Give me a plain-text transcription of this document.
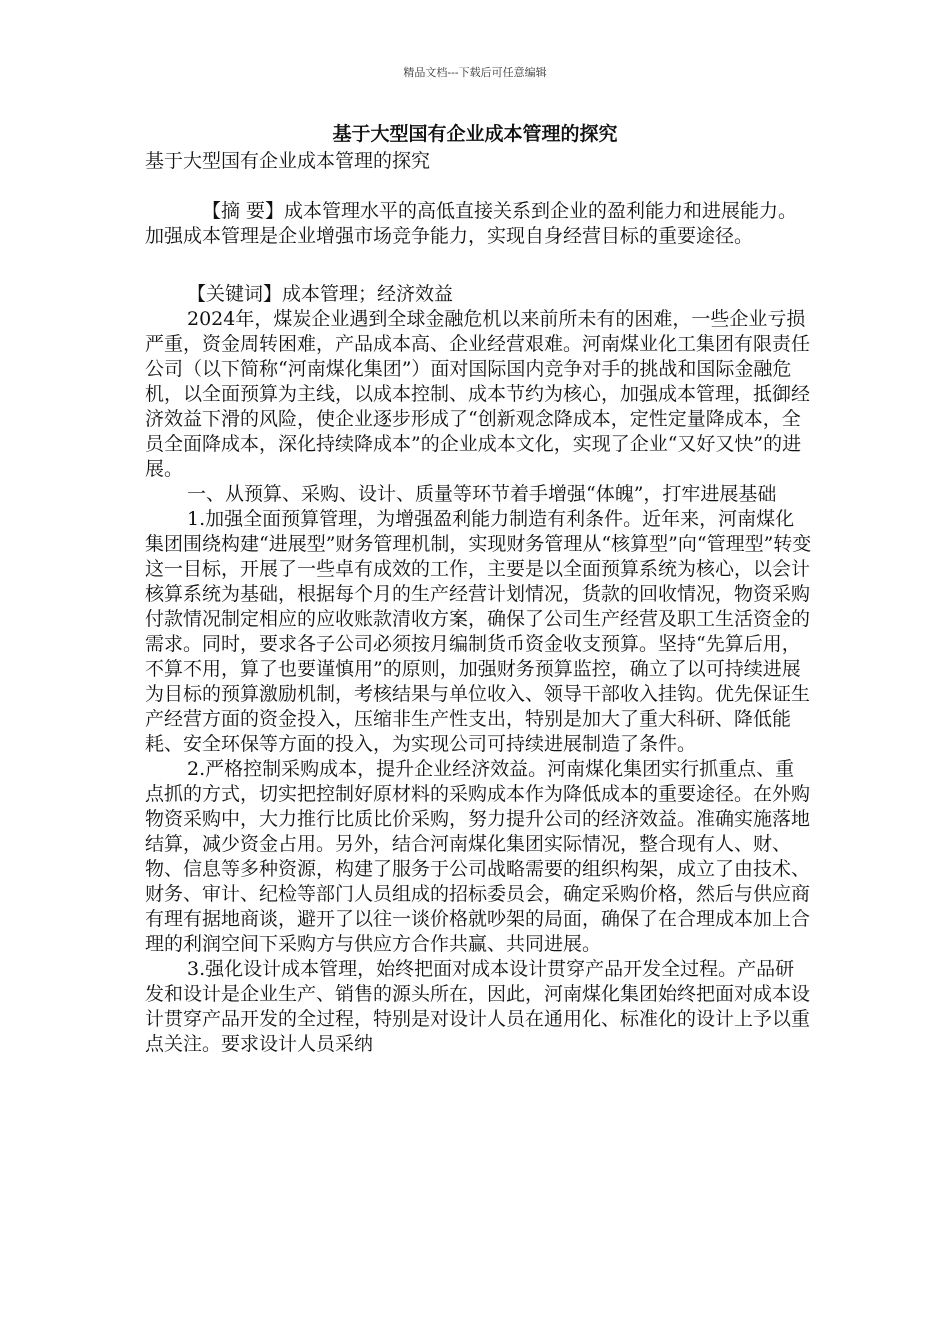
精品文档---下载后可任意编辑
基于大型国有企业成本管理的探究

基于大型国有企业成本管理的探究

【摘 要】成本管理水平的高低直接关系到企业的盈利能力和进展能力。加强成本管理是企业增强市场竞争能力，实现自身经营目标的重要途径。

【关键词】成本管理；经济效益

2024年，煤炭企业遇到全球金融危机以来前所未有的困难，一些企业亏损严重，资金周转困难，产品成本高、企业经营艰难。河南煤业化工集团有限责任公司（以下简称“河南煤化集团”）面对国际国内竞争对手的挑战和国际金融危机，以全面预算为主线，以成本控制、成本节约为核心，加强成本管理，抵御经济效益下滑的风险，使企业逐步形成了“创新观念降成本，定性定量降成本，全员全面降成本，深化持续降成本”的企业成本文化，实现了企业“又好又快”的进展。

一、从预算、采购、设计、质量等环节着手增强“体魄”，打牢进展基础

1.加强全面预算管理，为增强盈利能力制造有利条件。近年来，河南煤化集团围绕构建“进展型”财务管理机制，实现财务管理从“核算型”向“管理型”转变这一目标，开展了一些卓有成效的工作，主要是以全面预算系统为核心，以会计核算系统为基础，根据每个月的生产经营计划情况，货款的回收情况，物资采购付款情况制定相应的应收账款清收方案，确保了公司生产经营及职工生活资金的需求。同时，要求各子公司必须按月编制货币资金收支预算。坚持“先算后用，不算不用，算了也要谨慎用”的原则，加强财务预算监控，确立了以可持续进展为目标的预算激励机制，考核结果与单位收入、领导干部收入挂钩。优先保证生产经营方面的资金投入，压缩非生产性支出，特别是加大了重大科研、降低能耗、安全环保等方面的投入，为实现公司可持续进展制造了条件。

2.严格控制采购成本，提升企业经济效益。河南煤化集团实行抓重点、重点抓的方式，切实把控制好原材料的采购成本作为降低成本的重要途径。在外购物资采购中，大力推行比质比价采购，努力提升公司的经济效益。准确实施落地结算，减少资金占用。另外，结合河南煤化集团实际情况，整合现有人、财、物、信息等多种资源，构建了服务于公司战略需要的组织构架，成立了由技术、财务、审计、纪检等部门人员组成的招标委员会，确定采购价格，然后与供应商有理有据地商谈，避开了以往一谈价格就吵架的局面，确保了在合理成本加上合理的利润空间下采购方与供应方合作共赢、共同进展。

3.强化设计成本管理，始终把面对成本设计贯穿产品开发全过程。产品研发和设计是企业生产、销售的源头所在，因此，河南煤化集团始终把面对成本设计贯穿产品开发的全过程，特别是对设计人员在通用化、标准化的设计上予以重点关注。要求设计人员采纳
